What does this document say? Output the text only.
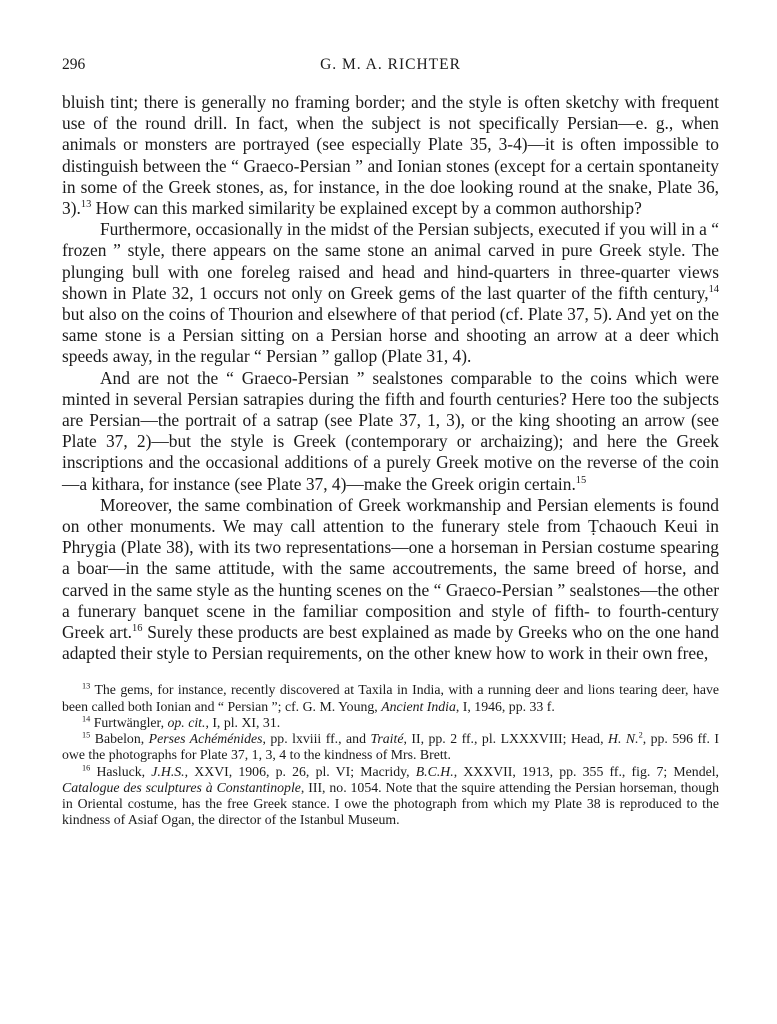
296	G. M. A. RICHTER

bluish tint; there is generally no framing border; and the style is often sketchy with frequent use of the round drill. In fact, when the subject is not specifically Persian—e. g., when animals or monsters are portrayed (see especially Plate 35, 3-4)—it is often impossible to distinguish between the “ Graeco-Persian ” and Ionian stones (except for a certain spontaneity in some of the Greek stones, as, for instance, in the doe looking round at the snake, Plate 36, 3).$^{13}$ How can this marked similarity be explained except by a common authorship?

Furthermore, occasionally in the midst of the Persian subjects, executed if you will in a “ frozen ” style, there appears on the same stone an animal carved in pure Greek style. The plunging bull with one foreleg raised and head and hind-quarters in three-quarter views shown in Plate 32, 1 occurs not only on Greek gems of the last quarter of the fifth century,$^{14}$ but also on the coins of Thourion and elsewhere of that period (cf. Plate 37, 5). And yet on the same stone is a Persian sitting on a Persian horse and shooting an arrow at a deer which speeds away, in the regular “ Persian ” gallop (Plate 31, 4).

And are not the “ Graeco-Persian ” sealstones comparable to the coins which were minted in several Persian satrapies during the fifth and fourth centuries? Here too the subjects are Persian—the portrait of a satrap (see Plate 37, 1, 3), or the king shooting an arrow (see Plate 37, 2)—but the style is Greek (contemporary or archaizing); and here the Greek inscriptions and the occasional additions of a purely Greek motive on the reverse of the coin—a kithara, for instance (see Plate 37, 4)—make the Greek origin certain.$^{15}$

Moreover, the same combination of Greek workmanship and Persian elements is found on other monuments. We may call attention to the funerary stele from Ṭchaouch Keui in Phrygia (Plate 38), with its two representations—one a horseman in Persian costume spearing a boar—in the same attitude, with the same accoutrements, the same breed of horse, and carved in the same style as the hunting scenes on the “ Graeco-Persian ” sealstones—the other a funerary banquet scene in the familiar composition and style of fifth- to fourth-century Greek art.$^{16}$ Surely these products are best explained as made by Greeks who on the one hand adapted their style to Persian requirements, on the other knew how to work in their own free,

$^{13}$ The gems, for instance, recently discovered at Taxila in India, with a running deer and lions tearing deer, have been called both Ionian and “ Persian ”; cf. G. M. Young, Ancient India, I, 1946, pp. 33 f.

$^{14}$ Furtwängler, op. cit., I, pl. XI, 31.

$^{15}$ Babelon, Perses Achéménides, pp. lxviii ff., and Traité, II, pp. 2 ff., pl. LXXXVIII; Head, H. N.$^2$, pp. 596 ff. I owe the photographs for Plate 37, 1, 3, 4 to the kindness of Mrs. Brett.

$^{16}$ Hasluck, J.H.S., XXVI, 1906, p. 26, pl. VI; Macridy, B.C.H., XXXVII, 1913, pp. 355 ff., fig. 7; Mendel, Catalogue des sculptures à Constantinople, III, no. 1054. Note that the squire attending the Persian horseman, though in Oriental costume, has the free Greek stance. I owe the photograph from which my Plate 38 is reproduced to the kindness of Asiaf Ogan, the director of the Istanbul Museum.
